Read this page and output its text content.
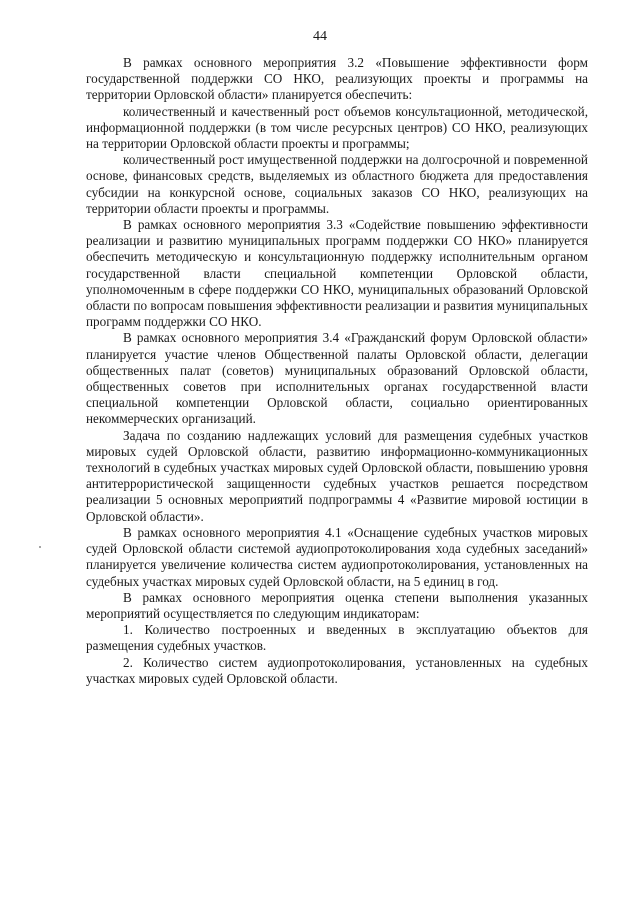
44

В рамках основного мероприятия 3.2 «Повышение эффективности форм государственной поддержки СО НКО, реализующих проекты и программы на территории Орловской области» планируется обеспечить:

количественный и качественный рост объемов консультационной, методической, информационной поддержки (в том числе ресурсных центров) СО НКО, реализующих на территории Орловской области проекты и программы;

количественный рост имущественной поддержки на долгосрочной и повременной основе, финансовых средств, выделяемых из областного бюджета для предоставления субсидии на конкурсной основе, социальных заказов СО НКО, реализующих на территории области проекты и программы.

В рамках основного мероприятия 3.3 «Содействие повышению эффективности реализации и развитию муниципальных программ поддержки СО НКО» планируется обеспечить методическую и консультационную поддержку исполнительным органом государственной власти специальной компетенции Орловской области, уполномоченным в сфере поддержки СО НКО, муниципальных образований Орловской области по вопросам повышения эффективности реализации и развития муниципальных программ поддержки СО НКО.

В рамках основного мероприятия 3.4 «Гражданский форум Орловской области» планируется участие членов Общественной палаты Орловской области, делегации общественных палат (советов) муниципальных образований Орловской области, общественных советов при исполнительных органах государственной власти специальной компетенции Орловской области, социально ориентированных некоммерческих организаций.

Задача по созданию надлежащих условий для размещения судебных участков мировых судей Орловской области, развитию информационно-коммуникационных технологий в судебных участках мировых судей Орловской области, повышению уровня антитеррористической защищенности судебных участков решается посредством реализации 5 основных мероприятий подпрограммы 4 «Развитие мировой юстиции в Орловской области».

В рамках основного мероприятия 4.1 «Оснащение судебных участков мировых судей Орловской области системой аудиопротоколирования хода судебных заседаний» планируется увеличение количества систем аудиопротоколирования, установленных на судебных участках мировых судей Орловской области, на 5 единиц в год.

В рамках основного мероприятия оценка степени выполнения указанных мероприятий осуществляется по следующим индикаторам:

1. Количество построенных и введенных в эксплуатацию объектов для размещения судебных участков.

2. Количество систем аудиопротоколирования, установленных на судебных участках мировых судей Орловской области.
